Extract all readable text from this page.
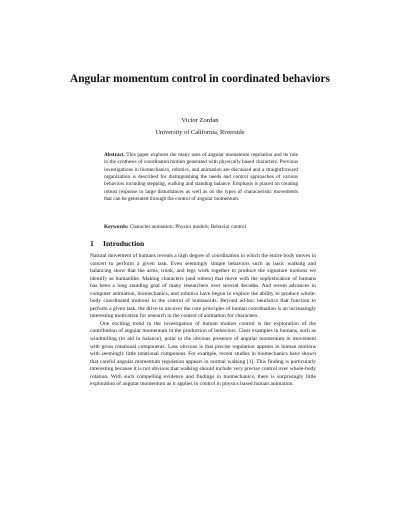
Angular momentum control in coordinated behaviors
Victor Zordan
University of California, Riverside
Abstract. This paper explores the many uses of angular momentum regulation and its role in the synthesis of coordinated motion generated with physically based characters. Previous investigations in biomechanics, robotics, and animation are discussed and a straightforward organization is described for distinguishing the needs and control approaches of various behaviors including stepping, walking and standing balance. Emphasis is placed on creating robust response to large disturbances as well as on the types of characteristic movements that can be generated through the control of angular momentum.
Keywords: Character animation; Physics models; Behavior control
1 Introduction

Natural movement of humans reveals a high degree of coordination in which the entire body moves in concert to perform a given task. Even seemingly simple behaviors such as basic walking and balancing show that the arms, trunk, and legs work together to produce the signature motions we identify as humanlike. Making characters (and robots) that move with the sophistication of humans has been a long standing goal of many researchers over several decades. And recent advances in computer animation, biomechanics, and robotics have begun to explore the ability to produce whole-body coordinated motions in the control of humanoids. Beyond ad-hoc heuristics that function to perform a given task, the drive to uncover the core principles of human coordination is an increasingly interesting motivation for research in the control of animation for characters.

One exciting trend in the investigation of human motion control is the exploration of the contribution of angular momentum in the production of behaviors. Clear examples in humans, such as windmilling (to aid in balance), point to the obvious presence of angular momentum in movement with gross rotational components. Less obvious is that precise regulation appears in human motions with seemingly little rotational component. For example, recent studies in biomechanics have shown that careful angular momentum regulation appears in normal walking [1]. This finding is particularly interesting because it is not obvious that walking should include very precise control over whole-body rotation. With such compelling evidence and findings in biomechanics, there is surprisingly little exploration of angular momentum as it applies to control in physics based human animation.
